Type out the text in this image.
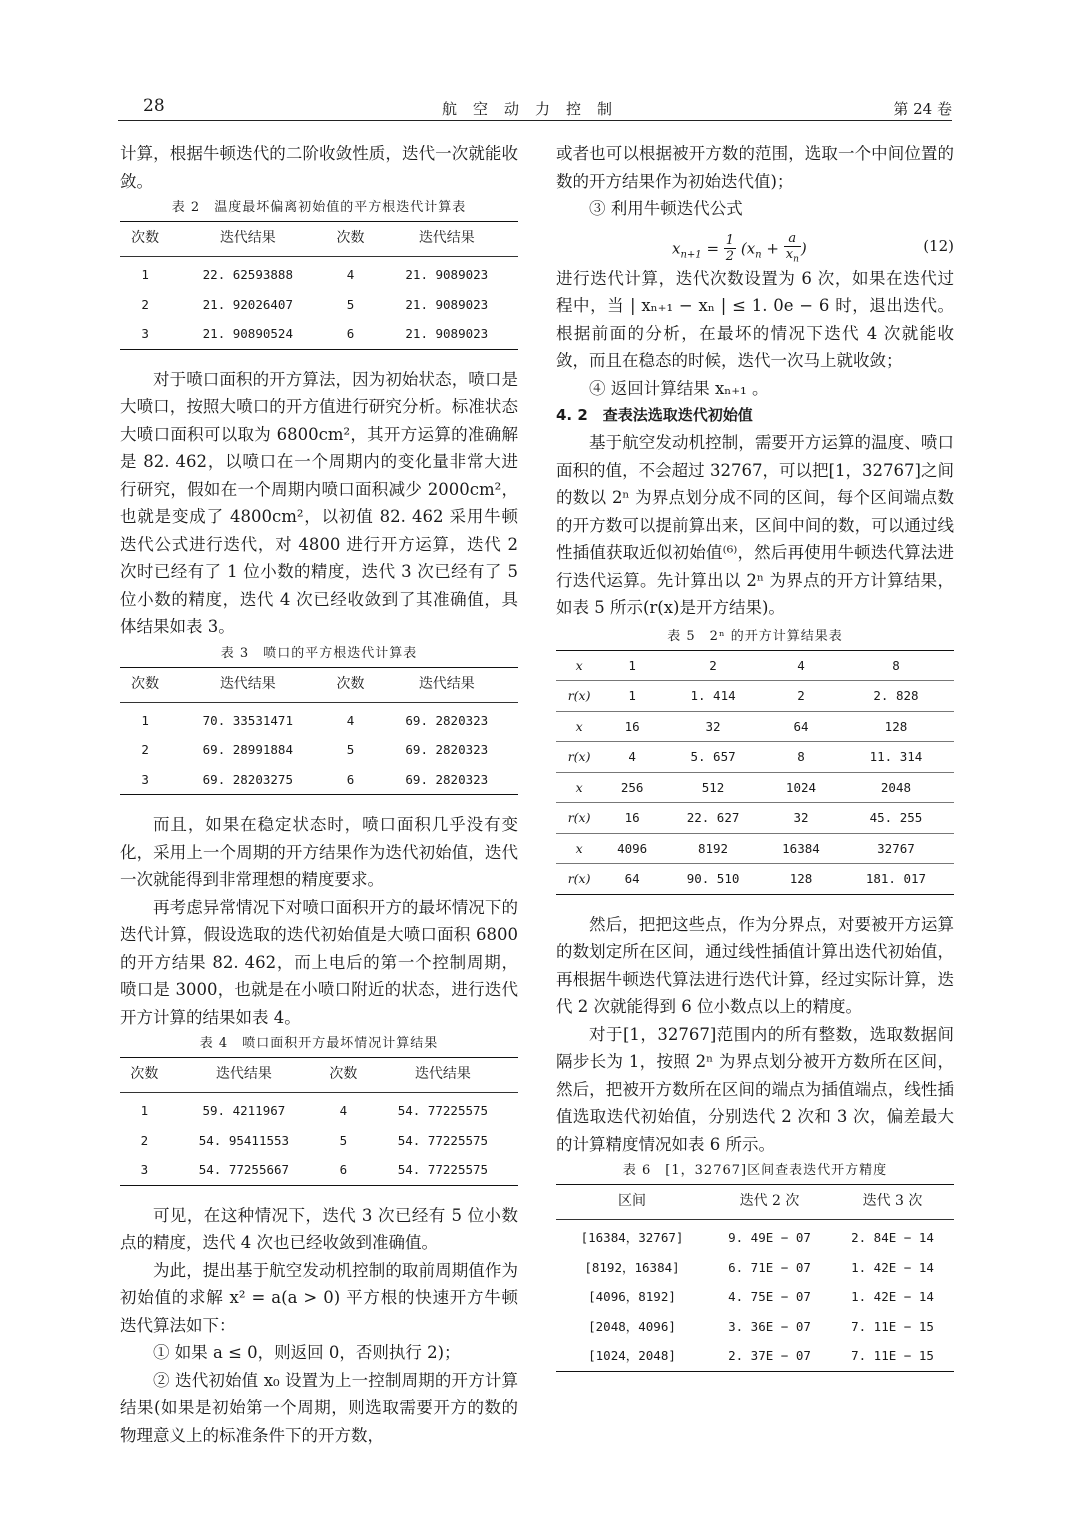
28	航空动力控制	第 24 卷

计算，根据牛顿迭代的二阶收敛性质，迭代一次就能收敛。

表 2　温度最坏偏离初始值的平方根迭代计算表
次数	迭代结果	次数	迭代结果
1	22. 62593888	4	21. 9089023
2	21. 92026407	5	21. 9089023
3	21. 90890524	6	21. 9089023

对于喷口面积的开方算法，因为初始状态，喷口是大喷口，按照大喷口的开方值进行研究分析。标准状态大喷口面积可以取为 6800cm²，其开方运算的准确解是 82. 462，以喷口在一个周期内的变化量非常大进行研究，假如在一个周期内喷口面积减少 2000cm²，也就是变成了 4800cm²，以初值 82. 462 采用牛顿迭代公式进行迭代，对 4800 进行开方运算，迭代 2 次时已经有了 1 位小数的精度，迭代 3 次已经有了 5 位小数的精度，迭代 4 次已经收敛到了其准确值，具体结果如表 3。

表 3　喷口的平方根迭代计算表
次数	迭代结果	次数	迭代结果
1	70. 33531471	4	69. 2820323
2	69. 28991884	5	69. 2820323
3	69. 28203275	6	69. 2820323

而且，如果在稳定状态时，喷口面积几乎没有变化，采用上一个周期的开方结果作为迭代初始值，迭代一次就能得到非常理想的精度要求。

再考虑异常情况下对喷口面积开方的最坏情况下的迭代计算，假设选取的迭代初始值是大喷口面积 6800 的开方结果 82. 462，而上电后的第一个控制周期，喷口是 3000，也就是在小喷口附近的状态，进行迭代开方计算的结果如表 4。

表 4　喷口面积开方最坏情况计算结果
次数	迭代结果	次数	迭代结果
1	59. 4211967	4	54. 77225575
2	54. 95411553	5	54. 77225575
3	54. 77255667	6	54. 77225575

可见，在这种情况下，迭代 3 次已经有 5 位小数点的精度，迭代 4 次也已经收敛到准确值。

为此，提出基于航空发动机控制的取前周期值作为初始值的求解 x² = a(a > 0) 平方根的快速开方牛顿迭代算法如下：

① 如果 a ≤ 0，则返回 0，否则执行 2)；

② 迭代初始值 x₀ 设置为上一控制周期的开方计算结果(如果是初始第一个周期，则选取需要开方的数的物理意义上的标准条件下的开方数，

或者也可以根据被开方数的范围，选取一个中间位置的数的开方结果作为初始迭代值)；

③ 利用牛顿迭代公式

$x_{n+1} = \frac{1}{2} (x_n + \frac{a}{x_n}$ )	(12)

进行迭代计算，迭代次数设置为 6 次，如果在迭代过程中，当 | xₙ₊₁ − xₙ | ≤ 1. 0e − 6 时，退出迭代。根据前面的分析，在最坏的情况下迭代 4 次就能收敛，而且在稳态的时候，迭代一次马上就收敛；

④ 返回计算结果 xₙ₊₁ 。

4. 2　查表法选取迭代初始值

基于航空发动机控制，需要开方运算的温度、喷口面积的值，不会超过 32767，可以把[1，32767]之间的数以 2ⁿ 为界点划分成不同的区间，每个区间端点数的开方数可以提前算出来，区间中间的数，可以通过线性插值获取近似初始值⁽⁶⁾，然后再使用牛顿迭代算法进行迭代运算。先计算出以 2ⁿ 为界点的开方计算结果，如表 5 所示(r(x)是开方结果)。

表 5　2ⁿ 的开方计算结果表
x	1	2	4	8
r(x)	1	1. 414	2	2. 828
x	16	32	64	128
r(x)	4	5. 657	8	11. 314
x	256	512	1024	2048
r(x)	16	22. 627	32	45. 255
x	4096	8192	16384	32767
r(x)	64	90. 510	128	181. 017

然后，把把这些点，作为分界点，对要被开方运算的数划定所在区间，通过线性插值计算出迭代初始值，再根据牛顿迭代算法进行迭代计算，经过实际计算，迭代 2 次就能得到 6 位小数点以上的精度。

对于[1，32767]范围内的所有整数，选取数据间隔步长为 1，按照 2ⁿ 为界点划分被开方数所在区间，然后，把被开方数所在区间的端点为插值端点，线性插值选取迭代初始值，分别迭代 2 次和 3 次，偏差最大的计算精度情况如表 6 所示。

表 6　[1，32767]区间查表迭代开方精度
区间	迭代 2 次	迭代 3 次
[16384，32767]	9. 49E − 07	2. 84E − 14
[8192，16384]	6. 71E − 07	1. 42E − 14
[4096，8192]	4. 75E − 07	1. 42E − 14
[2048，4096]	3. 36E − 07	7. 11E − 15
[1024，2048]	2. 37E − 07	7. 11E − 15
